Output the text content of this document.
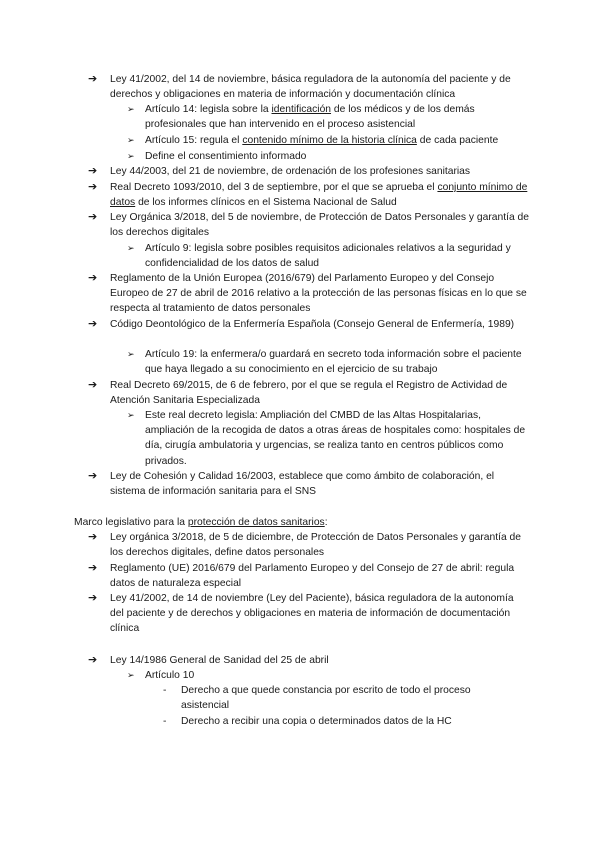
➔ Ley 41/2002, del 14 de noviembre, básica reguladora de la autonomía del paciente y de derechos y obligaciones en materia de información y documentación clínica

➢ Artículo 14: legisla sobre la identificación de los médicos y de los demás profesionales que han intervenido en el proceso asistencial

➢ Artículo 15: regula el contenido mínimo de la historia clínica de cada paciente

➢ Define el consentimiento informado

➔ Ley 44/2003, del 21 de noviembre, de ordenación de los profesiones sanitarias

➔ Real Decreto 1093/2010, del 3 de septiembre, por el que se aprueba el conjunto mínimo de datos de los informes clínicos en el Sistema Nacional de Salud

➔ Ley Orgánica 3/2018, del 5 de noviembre, de Protección de Datos Personales y garantía de los derechos digitales

➢ Artículo 9: legisla sobre posibles requisitos adicionales relativos a la seguridad y confidencialidad de los datos de salud

➔ Reglamento de la Unión Europea (2016/679) del Parlamento Europeo y del Consejo Europeo de 27 de abril de 2016 relativo a la protección de las personas físicas en lo que se respecta al tratamiento de datos personales

➔ Código Deontológico de la Enfermería Española (Consejo General de Enfermería, 1989)

➢ Artículo 19: la enfermera/o guardará en secreto toda información sobre el paciente que haya llegado a su conocimiento en el ejercicio de su trabajo

➔ Real Decreto 69/2015, de 6 de febrero, por el que se regula el Registro de Actividad de Atención Sanitaria Especializada

➢ Este real decreto legisla: Ampliación del CMBD de las Altas Hospitalarias, ampliación de la recogida de datos a otras áreas de hospitales como: hospitales de día, cirugía ambulatoria y urgencias, se realiza tanto en centros públicos como privados.

➔ Ley de Cohesión y Calidad 16/2003, establece que como ámbito de colaboración, el sistema de información sanitaria para el SNS

Marco legislativo para la protección de datos sanitarios:

➔ Ley orgánica 3/2018, de 5 de diciembre, de Protección de Datos Personales y garantía de los derechos digitales, define datos personales

➔ Reglamento (UE) 2016/679 del Parlamento Europeo y del Consejo de 27 de abril: regula datos de naturaleza especial

➔ Ley 41/2002, de 14 de noviembre (Ley del Paciente), básica reguladora de la autonomía del paciente y de derechos y obligaciones en materia de información de documentación clínica

➔ Ley 14/1986 General de Sanidad del 25 de abril

➢ Artículo 10

- Derecho a que quede constancia por escrito de todo el proceso asistencial

- Derecho a recibir una copia o determinados datos de la HC
